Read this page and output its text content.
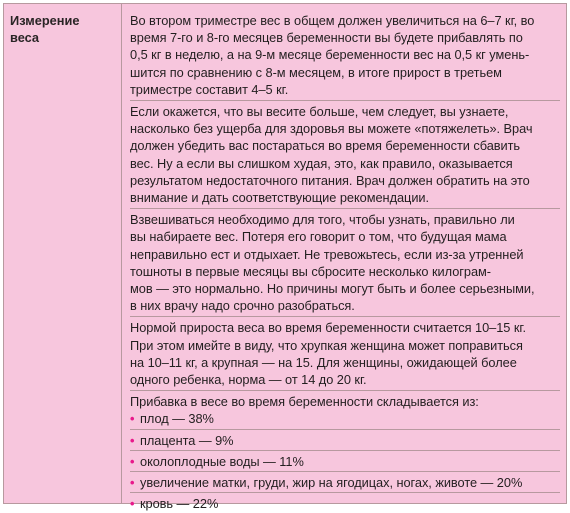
Измерение
веса
Во втором триместре вес в общем должен увеличиться на 6–7 кг, во
время 7-го и 8-го месяцев беременности вы будете прибавлять по
0,5 кг в неделю, а на 9-м месяце беременности вес на 0,5 кг умень-
шится по сравнению с 8-м месяцем, в итоге прирост в третьем
триместре составит 4–5 кг.
Если окажется, что вы весите больше, чем следует, вы узнаете,
насколько без ущерба для здоровья вы можете «потяжелеть». Врач
должен убедить вас постараться во время беременности сбавить
вес. Ну а если вы слишком худая, это, как правило, оказывается
результатом недостаточного питания. Врач должен обратить на это
внимание и дать соответствующие рекомендации.
Взвешиваться необходимо для того, чтобы узнать, правильно ли
вы набираете вес. Потеря его говорит о том, что будущая мама
неправильно ест и отдыхает. Не тревожьтесь, если из-за утренней
тошноты в первые месяцы вы сбросите несколько килограм-
мов — это нормально. Но причины могут быть и более серьезными,
в них врачу надо срочно разобраться.
Нормой прироста веса во время беременности считается 10–15 кг.
При этом имейте в виду, что хрупкая женщина может поправиться
на 10–11 кг, а крупная — на 15. Для женщины, ожидающей более
одного ребенка, норма — от 14 до 20 кг.
Прибавка в весе во время беременности складывается из:
• плод — 38%
• плацента — 9%
• околоплодные воды — 11%
• увеличение матки, груди, жир на ягодицах, ногах, животе — 20%
• кровь — 22%
